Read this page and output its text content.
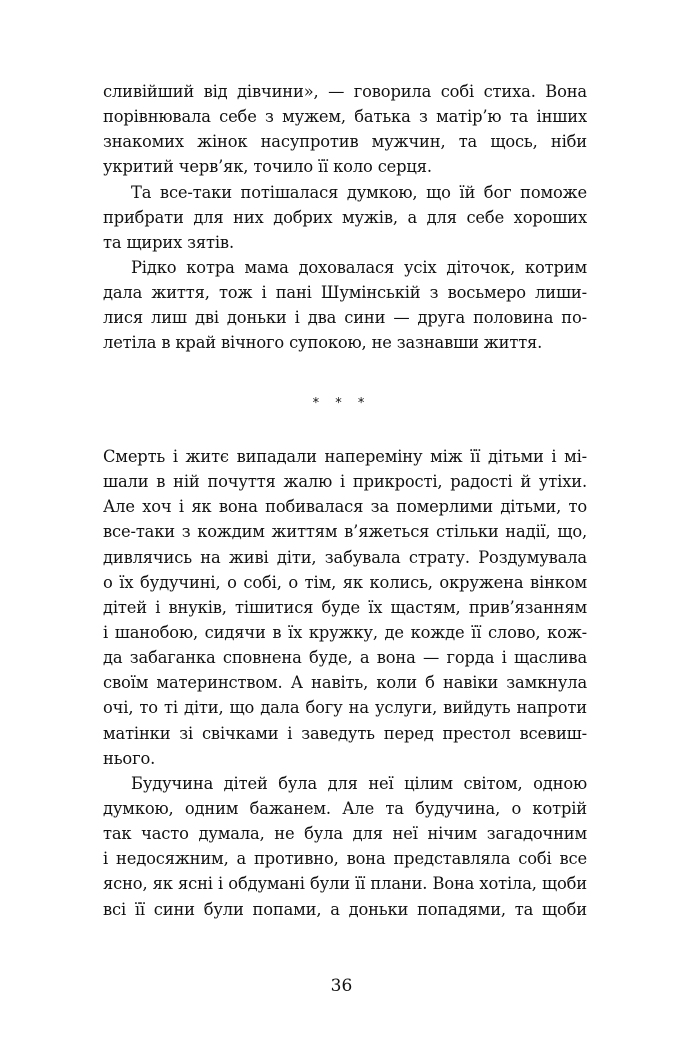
сливійший від дівчини», — говорила собі стиха. Вона
порівнювала себе з мужем, батька з матір’ю та інших
знакомих жінок насупротив мужчин, та щось, ніби
укритий черв’як, точило її коло серця.
Та все-таки потішалася думкою, що їй бог поможе
прибрати для них добрих мужів, а для себе хороших
та щирих зятів.
Рідко котра мама доховалася усіх діточок, котрим
дала життя, тож і пані Шумінській з восьмеро лиши-
лися лиш дві доньки і два сини — друга половина по-
летіла в край вічного супокою, не зазнавши життя.
* * *
Смерть і житє випадали напереміну між її дітьми і мі-
шали в ній почуття жалю і прикрості, радості й утіхи.
Але хоч і як вона побивалася за померлими дітьми, то
все-таки з кождим життям в’яжеться стільки надії, що,
дивлячись на живі діти, забувала страту. Роздумувала
о їх будучині, о собі, о тім, як колись, окружена вінком
дітей і внуків, тішитися буде їх щастям, прив’язанням
і шанобою, сидячи в їх кружку, де кожде її слово, кож-
да забаганка сповнена буде, а вона — горда і щаслива
своїм материнством. А навіть, коли б навіки замкнула
очі, то ті діти, що дала богу на услуги, вийдуть напроти
матінки зі свічками і заведуть перед престол всевиш-
нього.
Будучина дітей була для неї цілим світом, одною
думкою, одним бажанем. Але та будучина, о котрій
так часто думала, не була для неї нічим загадочним
і недосяжним, а противно, вона представляла собі все
ясно, як ясні і обдумані були її плани. Вона хотіла, щоби
всі її сини були попами, а доньки попадями, та щоби
36
